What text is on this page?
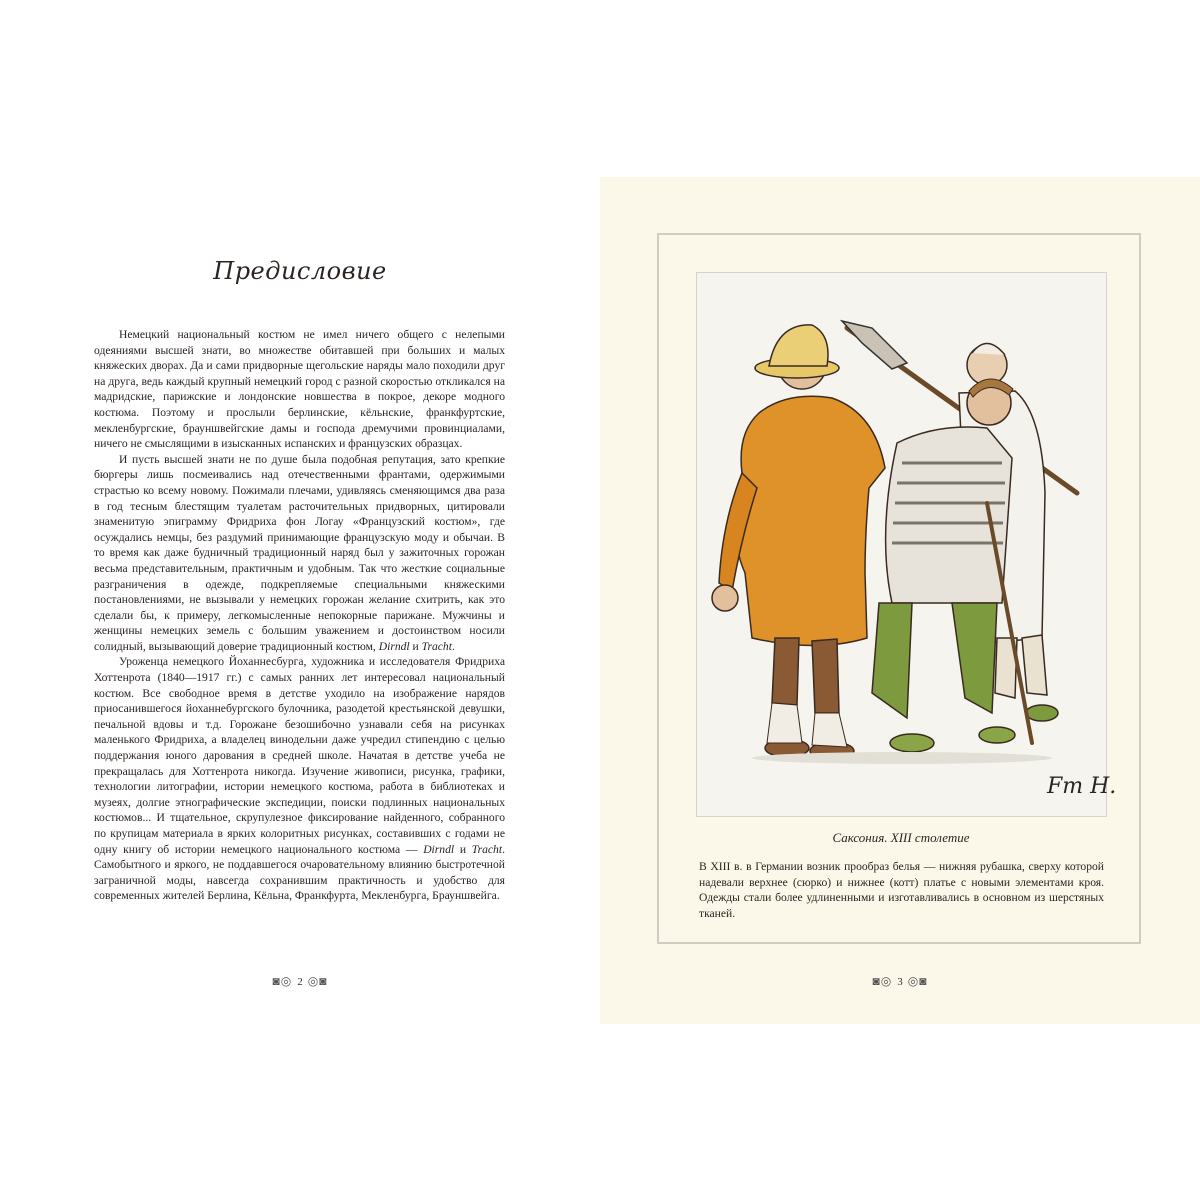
Предисловие

Немецкий национальный костюм не имел ничего общего с нелепыми одеяниями высшей знати, во множестве обитавшей при больших и малых княжеских дворах. Да и сами придворные щегольские наряды мало походили друг на друга, ведь каждый крупный немецкий город с разной скоростью откликался на мадридские, парижские и лондонские новшества в покрое, декоре модного костюма. Поэтому и прослыли берлинские, кёльнские, франкфуртские, мекленбургские, брауншвейгские дамы и господа дремучими провинциалами, ничего не смыслящими в изысканных испанских и французских образцах.

И пусть высшей знати не по душе была подобная репутация, зато крепкие бюргеры лишь посмеивались над отечественными франтами, одержимыми страстью ко всему новому. Пожимали плечами, удивляясь сменяющимся два раза в год тесным блестящим туалетам расточительных придворных, цитировали знаменитую эпиграмму Фридриха фон Логау «Французский костюм», где осуждались немцы, без раздумий принимающие французскую моду и обычаи. В то время как даже будничный традиционный наряд был у зажиточных горожан весьма представительным, практичным и удобным. Так что жесткие социальные разграничения в одежде, подкрепляемые специальными княжескими постановлениями, не вызывали у немецких горожан желание схитрить, как это сделали бы, к примеру, легкомысленные непокорные парижане. Мужчины и женщины немецких земель с большим уважением и достоинством носили солидный, вызывающий доверие традиционный костюм, Dirndl и Tracht.

Уроженца немецкого Йоханнесбурга, художника и исследователя Фридриха Хоттенрота (1840—1917 гг.) с самых ранних лет интересовал национальный костюм. Все свободное время в детстве уходило на изображение нарядов приосанившегося йоханнебургского булочника, разодетой крестьянской девушки, печальной вдовы и т.д. Горожане безошибочно узнавали себя на рисунках маленького Фридриха, а владелец винодельни даже учредил стипендию с целью поддержания юного дарования в средней школе. Начатая в детстве учеба не прекращалась для Хоттенрота никогда. Изучение живописи, рисунка, графики, технологии литографии, истории немецкого костюма, работа в библиотеках и музеях, долгие этнографические экспедиции, поиски подлинных национальных костюмов... И тщательное, скрупулезное фиксирование найденного, собранного по крупицам материала в ярких колоритных рисунках, составивших с годами не одну книгу об истории немецкого национального костюма — Dirndl и Tracht. Самобытного и яркого, не поддавшегося очаровательному влиянию быстротечной заграничной моды, навсегда сохранившим практичность и удобство для современных жителей Берлина, Кёльна, Франкфурта, Мекленбурга, Брауншвейга.

◙◎ 2 ◎◙
Fm H.
Саксония. XIII столетие
В XIII в. в Германии возник прообраз белья — нижняя рубашка, сверху которой надевали верхнее (сюрко) и нижнее (котт) платье с новыми элементами кроя. Одежды стали более удлиненными и изготавливались в основном из шерстяных тканей.
◙◎ 3 ◎◙
